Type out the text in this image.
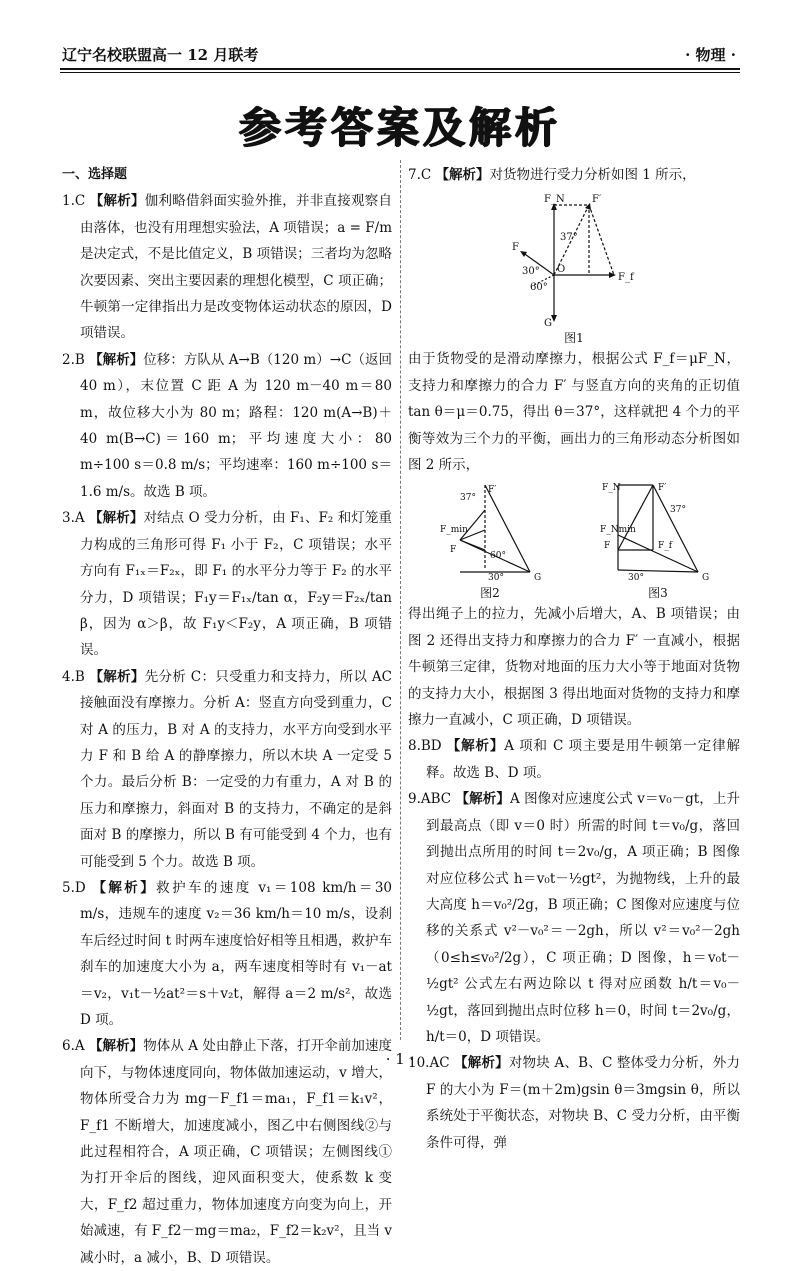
辽宁名校联盟高一 12 月联考	· 物理 ·
参考答案及解析

一、选择题

1.C 【解析】伽利略借斜面实验外推，并非直接观察自由落体，也没有用理想实验法，A 项错误；a = F/m 是决定式，不是比值定义，B 项错误；三者均为忽略次要因素、突出主要因素的理想化模型，C 项正确；牛顿第一定律指出力是改变物体运动状态的原因，D 项错误。

2.B 【解析】位移：方队从 A→B（120 m）→C（返回 40 m），末位置 C 距 A 为 120 m－40 m＝80 m，故位移大小为 80 m；路程：120 m(A→B)＋40 m(B→C)＝160 m；平均速度大小：80 m÷100 s＝0.8 m/s；平均速率：160 m÷100 s＝1.6 m/s。故选 B 项。

3.A 【解析】对结点 O 受力分析，由 F₁、F₂ 和灯笼重力构成的三角形可得 F₁ 小于 F₂，C 项错误；水平方向有 F₁ₓ＝F₂ₓ，即 F₁ 的水平分力等于 F₂ 的水平分力，D 项错误；F₁y＝F₁ₓ/tan α，F₂y＝F₂ₓ/tan β，因为 α＞β，故 F₁y＜F₂y，A 项正确，B 项错误。

4.B 【解析】先分析 C：只受重力和支持力，所以 AC 接触面没有摩擦力。分析 A：竖直方向受到重力，C 对 A 的压力，B 对 A 的支持力，水平方向受到水平力 F 和 B 给 A 的静摩擦力，所以木块 A 一定受 5 个力。最后分析 B：一定受的力有重力，A 对 B 的压力和摩擦力，斜面对 B 的支持力，不确定的是斜面对 B 的摩擦力，所以 B 有可能受到 4 个力，也有可能受到 5 个力。故选 B 项。

5.D 【解析】救护车的速度 v₁＝108 km/h＝30 m/s，违规车的速度 v₂＝36 km/h＝10 m/s，设刹车后经过时间 t 时两车速度恰好相等且相遇，救护车刹车的加速度大小为 a，两车速度相等时有 v₁－at＝v₂，v₁t－½at²＝s＋v₂t，解得 a＝2 m/s²，故选 D 项。

6.A 【解析】物体从 A 处由静止下落，打开伞前加速度向下，与物体速度同向，物体做加速运动，v 增大，物体所受合力为 mg－F_f1＝ma₁，F_f1＝k₁v²，F_f1 不断增大，加速度减小，图乙中右侧图线②与此过程相符合，A 项正确，C 项错误；左侧图线①为打开伞后的图线，迎风面积变大，使系数 k 变大，F_f2 超过重力，物体加速度方向变为向上，开始减速，有 F_f2－mg＝ma₂，F_f2＝k₂v²，且当 v 减小时，a 减小，B、D 项错误。

7.C 【解析】对货物进行受力分析如图 1 所示，

F_N	F′
37°
F
30° O
60°
F_f
G
图1

由于货物受的是滑动摩擦力，根据公式 F_f＝μF_N，支持力和摩擦力的合力 F′ 与竖直方向的夹角的正切值 tan θ＝μ＝0.75，得出 θ＝37°，这样就把 4 个力的平衡等效为三个力的平衡，画出力的三角形动态分析图如图 2 所示，

F′
37°
F_min
F
60°
30°	G
图2
F_N	F′
37°
F_Nmin
F	F_f
30°	G
图3

得出绳子上的拉力，先减小后增大，A、B 项错误；由图 2 还得出支持力和摩擦力的合力 F′ 一直减小，根据牛顿第三定律，货物对地面的压力大小等于地面对货物的支持力大小，根据图 3 得出地面对货物的支持力和摩擦力一直减小，C 项正确，D 项错误。

8.BD 【解析】A 项和 C 项主要是用牛顿第一定律解释。故选 B、D 项。

9.ABC 【解析】A 图像对应速度公式 v＝v₀－gt，上升到最高点（即 v＝0 时）所需的时间 t＝v₀/g，落回到抛出点所用的时间 t＝2v₀/g，A 项正确；B 图像对应位移公式 h＝v₀t－½gt²，为抛物线，上升的最大高度 h＝v₀²/2g，B 项正确；C 图像对应速度与位移的关系式 v²－v₀²＝－2gh，所以 v²＝v₀²－2gh（0≤h≤v₀²/2g），C 项正确；D 图像，h＝v₀t－½gt² 公式左右两边除以 t 得对应函数 h/t＝v₀－½gt，落回到抛出点时位移 h＝0，时间 t＝2v₀/g，h/t＝0，D 项错误。

10.AC 【解析】对物块 A、B、C 整体受力分析，外力 F 的大小为 F＝(m＋2m)gsin θ＝3mgsin θ，所以系统处于平衡状态，对物块 B、C 受力分析，由平衡条件可得，弹

· 1 ·
